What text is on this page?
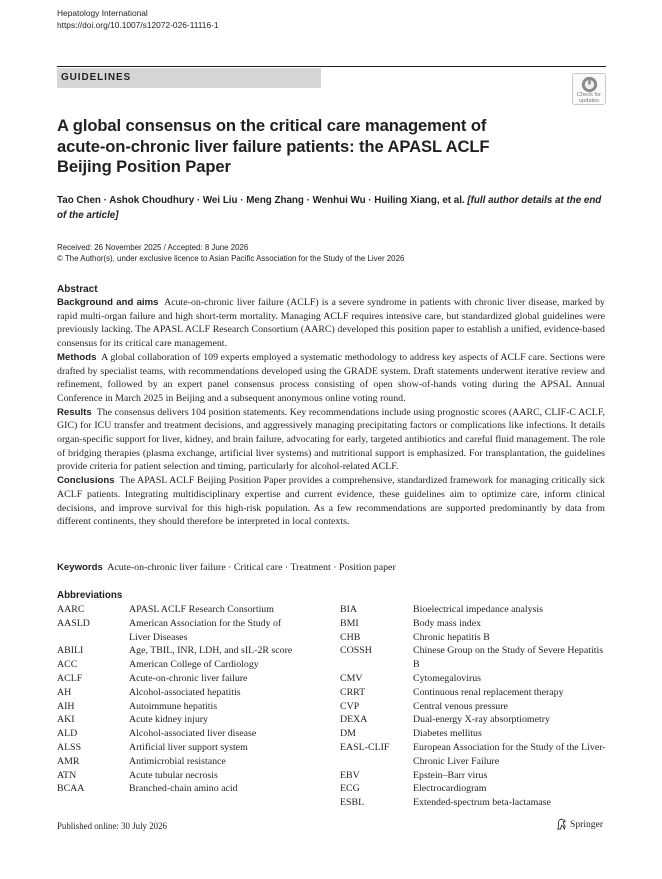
Hepatology International
https://doi.org/10.1007/s12072-026-11116-1
GUIDELINES
Check for
updates
A global consensus on the critical care management of acute-on-chronic liver failure patients: the APASL ACLF Beijing Position Paper
Tao Chen · Ashok Choudhury · Wei Liu · Meng Zhang · Wenhui Wu · Huiling Xiang, et al. [full author details at the end of the article]
Received: 26 November 2025 / Accepted: 8 June 2026
© The Author(s), under exclusive licence to Asian Pacific Association for the Study of the Liver 2026
Abstract

Background and aims Acute-on-chronic liver failure (ACLF) is a severe syndrome in patients with chronic liver disease, marked by rapid multi-organ failure and high short-term mortality. Managing ACLF requires intensive care, but standardized global guidelines were previously lacking. The APASL ACLF Research Consortium (AARC) developed this position paper to establish a unified, evidence-based consensus for its critical care management.

Methods A global collaboration of 109 experts employed a systematic methodology to address key aspects of ACLF care. Sections were drafted by specialist teams, with recommendations developed using the GRADE system. Draft statements underwent iterative review and refinement, followed by an expert panel consensus process consisting of open show-of-hands voting during the APSAL Annual Conference in March 2025 in Beijing and a subsequent anonymous online voting round.

Results The consensus delivers 104 position statements. Key recommendations include using prognostic scores (AARC, CLIF-C ACLF, GIC) for ICU transfer and treatment decisions, and aggressively managing precipitating factors or complications like infections. It details organ-specific support for liver, kidney, and brain failure, advocating for early, targeted antibiotics and careful fluid management. The role of bridging therapies (plasma exchange, artificial liver systems) and nutritional support is emphasized. For transplantation, the guidelines provide criteria for patient selection and timing, particularly for alcohol-related ACLF.

Conclusions The APASL ACLF Beijing Position Paper provides a comprehensive, standardized framework for managing critically sick ACLF patients. Integrating multidisciplinary expertise and current evidence, these guidelines aim to optimize care, inform clinical decisions, and improve survival for this high-risk population. As a few recommendations are supported predominantly by data from different continents, they should therefore be interpreted in local contexts.

Keywords Acute-on-chronic liver failure · Critical care · Treatment · Position paper
Abbreviations
AARC	APASL ACLF Research Consortium
AASLD	American Association for the Study of Liver Diseases
ABILI	Age, TBIL, INR, LDH, and sIL-2R score
ACC	American College of Cardiology
ACLF	Acute-on-chronic liver failure
AH	Alcohol-associated hepatitis
AIH	Autoimmune hepatitis
AKI	Acute kidney injury
ALD	Alcohol-associated liver disease
ALSS	Artificial liver support system
AMR	Antimicrobial resistance
ATN	Acute tubular necrosis
BCAA	Branched-chain amino acid
BIA	Bioelectrical impedance analysis
BMI	Body mass index
CHB	Chronic hepatitis B
COSSH	Chinese Group on the Study of Severe Hepatitis B
CMV	Cytomegalovirus
CRRT	Continuous renal replacement therapy
CVP	Central venous pressure
DEXA	Dual-energy X-ray absorptiometry
DM	Diabetes mellitus
EASL-CLIF	European Association for the Study of the Liver-Chronic Liver Failure
EBV	Epstein–Barr virus
ECG	Electrocardiogram
ESBL	Extended-spectrum beta-lactamase
Published online: 30 July 2026	Springer
